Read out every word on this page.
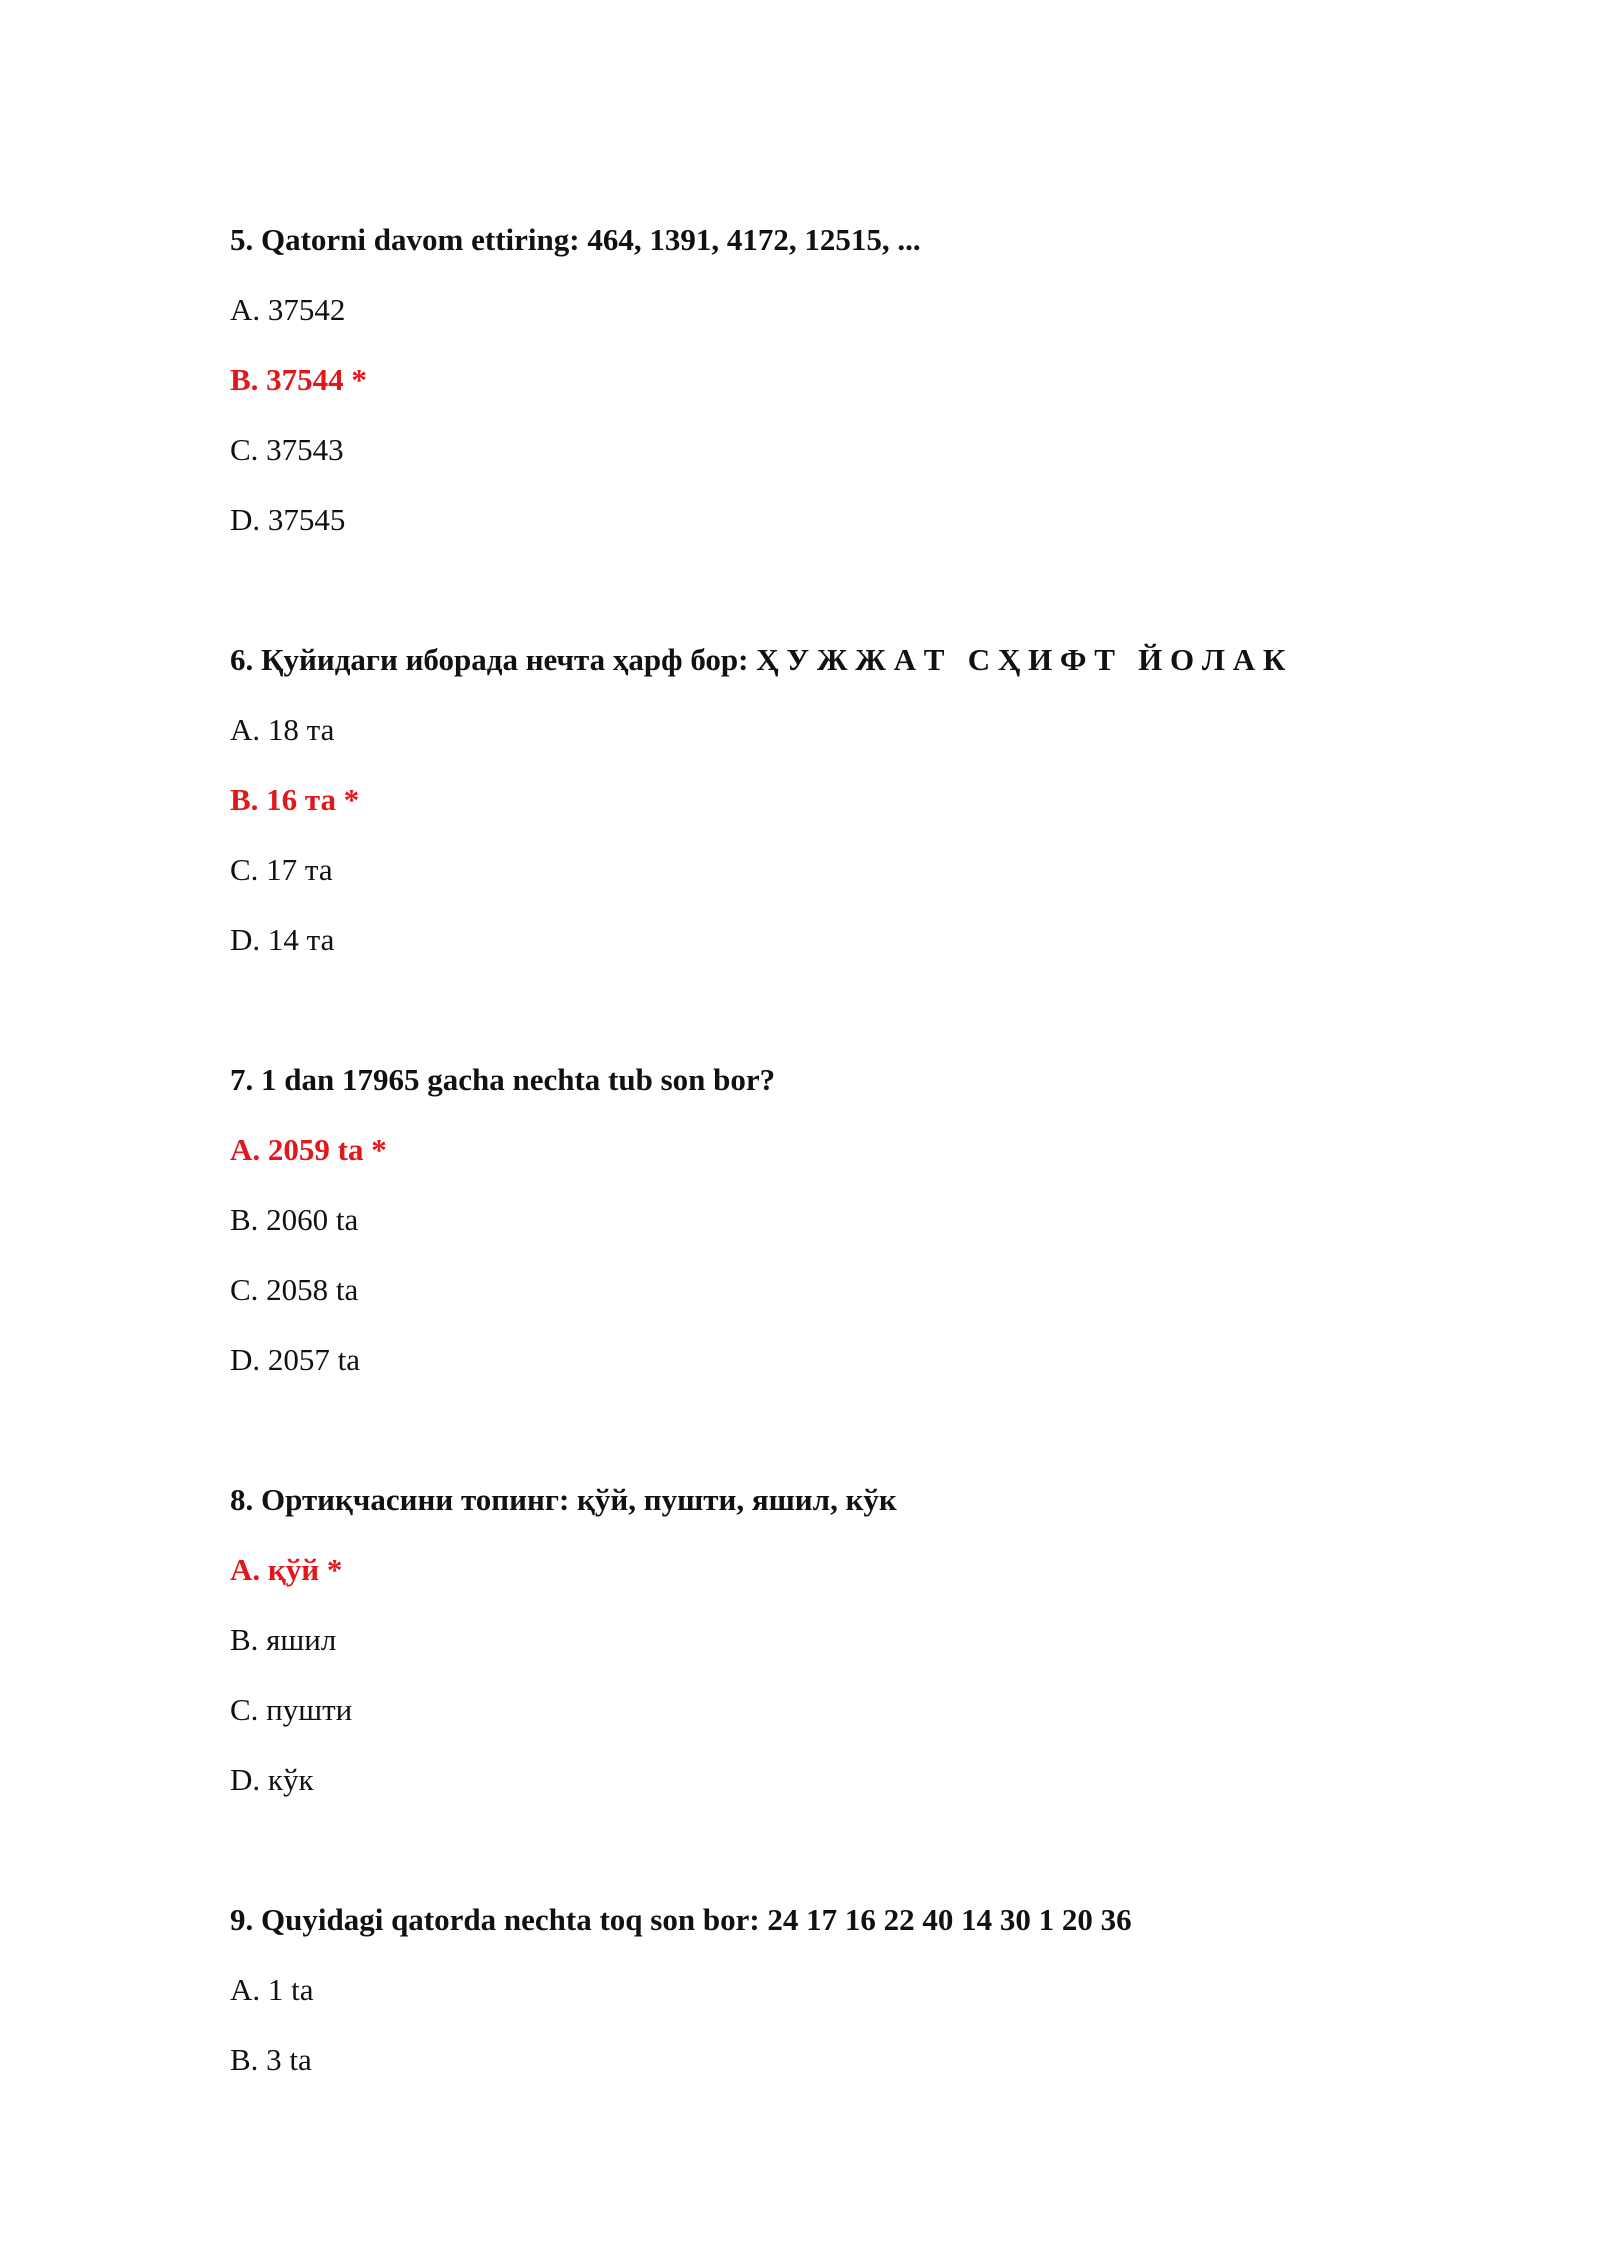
5. Qatorni davom ettiring: 464, 1391, 4172, 12515, ...
A. 37542
B. 37544 *
C. 37543
D. 37545
6. Қуйидаги иборада нечта ҳарф бор: Ҳ У Ж Ж А Т   С Ҳ И Ф Т   Й О Л А К
A. 18 та
B. 16 та *
C. 17 та
D. 14 та
7. 1 dan 17965 gacha nechta tub son bor?
A. 2059 ta *
B. 2060 ta
C. 2058 ta
D. 2057 ta
8. Ортиқчасини топинг: қўй, пушти, яшил, кўк
A. қўй *
B. яшил
C. пушти
D. кўк
9. Quyidagi qatorda nechta toq son bor: 24 17 16 22 40 14 30 1 20 36
A. 1 ta
B. 3 ta
